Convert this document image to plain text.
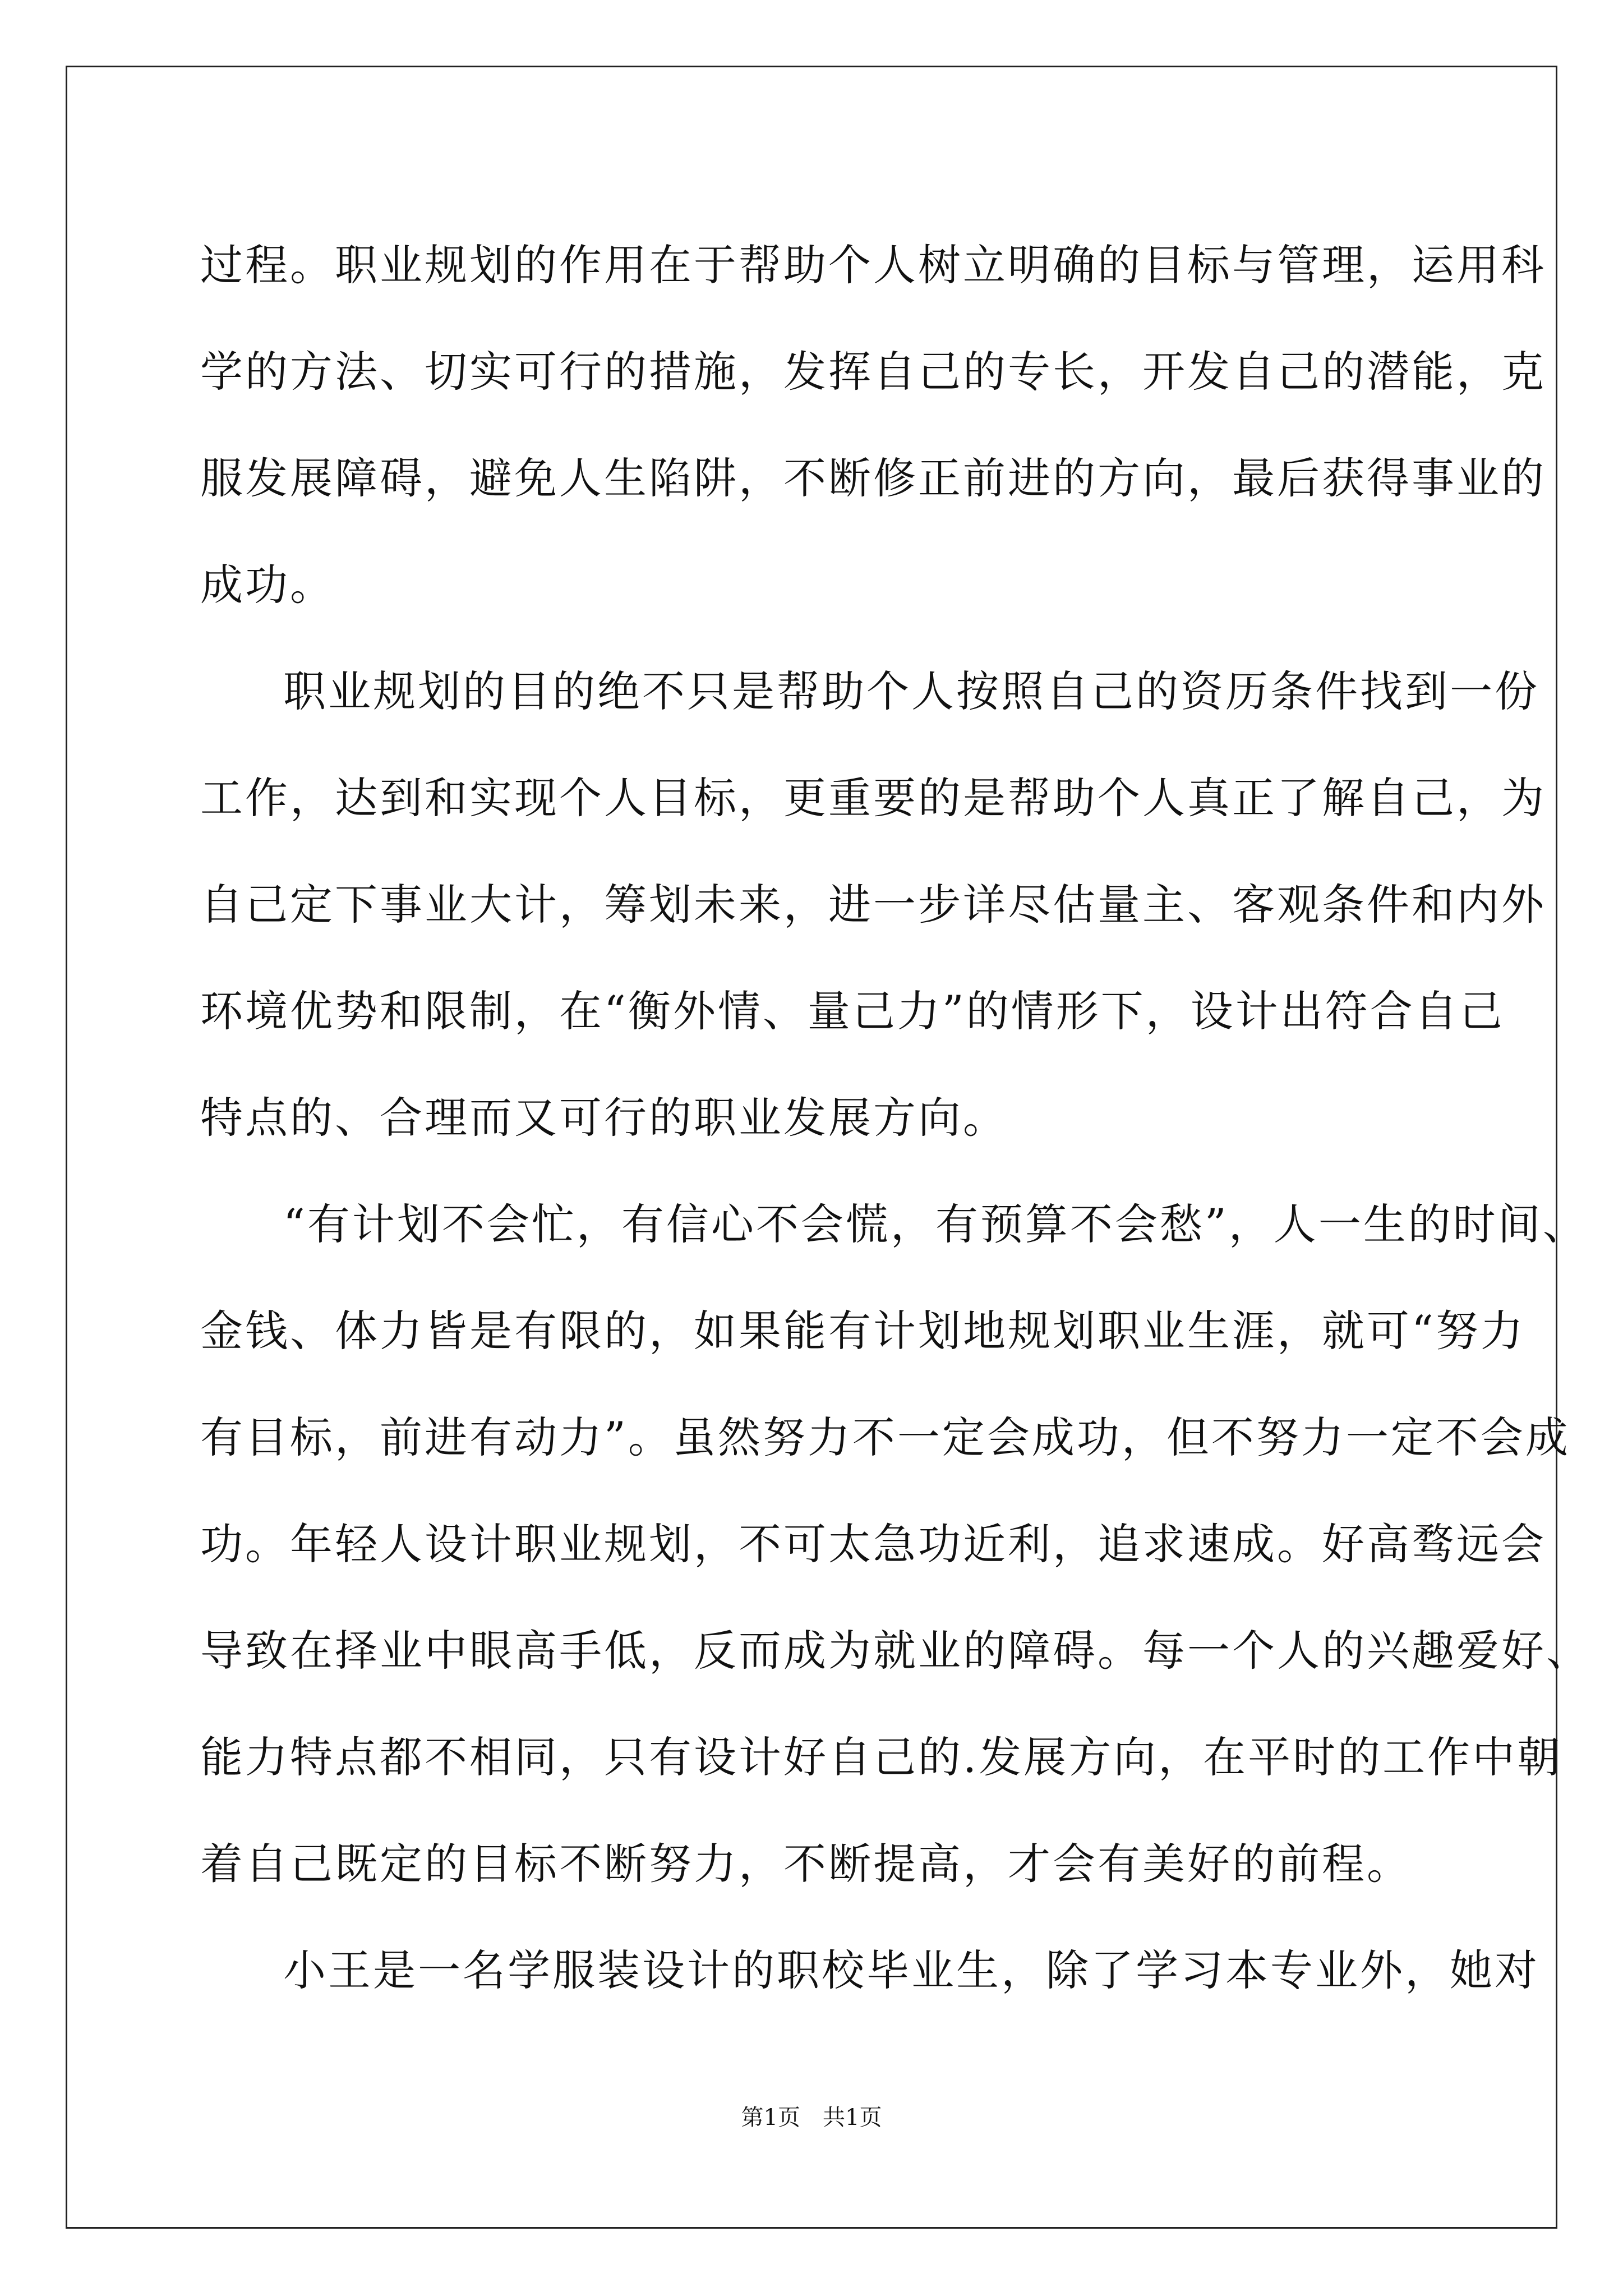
过程。职业规划的作用在于帮助个人树立明确的目标与管理，运用科
学的方法、切实可行的措施，发挥自己的专长，开发自己的潜能，克
服发展障碍，避免人生陷阱，不断修正前进的方向，最后获得事业的
成功。
职业规划的目的绝不只是帮助个人按照自己的资历条件找到一份
工作，达到和实现个人目标，更重要的是帮助个人真正了解自己，为
自己定下事业大计，筹划未来，进一步详尽估量主、客观条件和内外
环境优势和限制，在“衡外情、量己力”的情形下，设计出符合自己
特点的、合理而又可行的职业发展方向。
“有计划不会忙，有信心不会慌，有预算不会愁”，人一生的时间、
金钱、体力皆是有限的，如果能有计划地规划职业生涯，就可“努力
有目标，前进有动力”。虽然努力不一定会成功，但不努力一定不会成
功。年轻人设计职业规划，不可太急功近利，追求速成。好高骛远会
导致在择业中眼高手低，反而成为就业的障碍。每一个人的兴趣爱好、
能力特点都不相同，只有设计好自己的.发展方向，在平时的工作中朝
着自己既定的目标不断努力，不断提高，才会有美好的前程。
小王是一名学服装设计的职校毕业生，除了学习本专业外，她对
第1页　共1页
